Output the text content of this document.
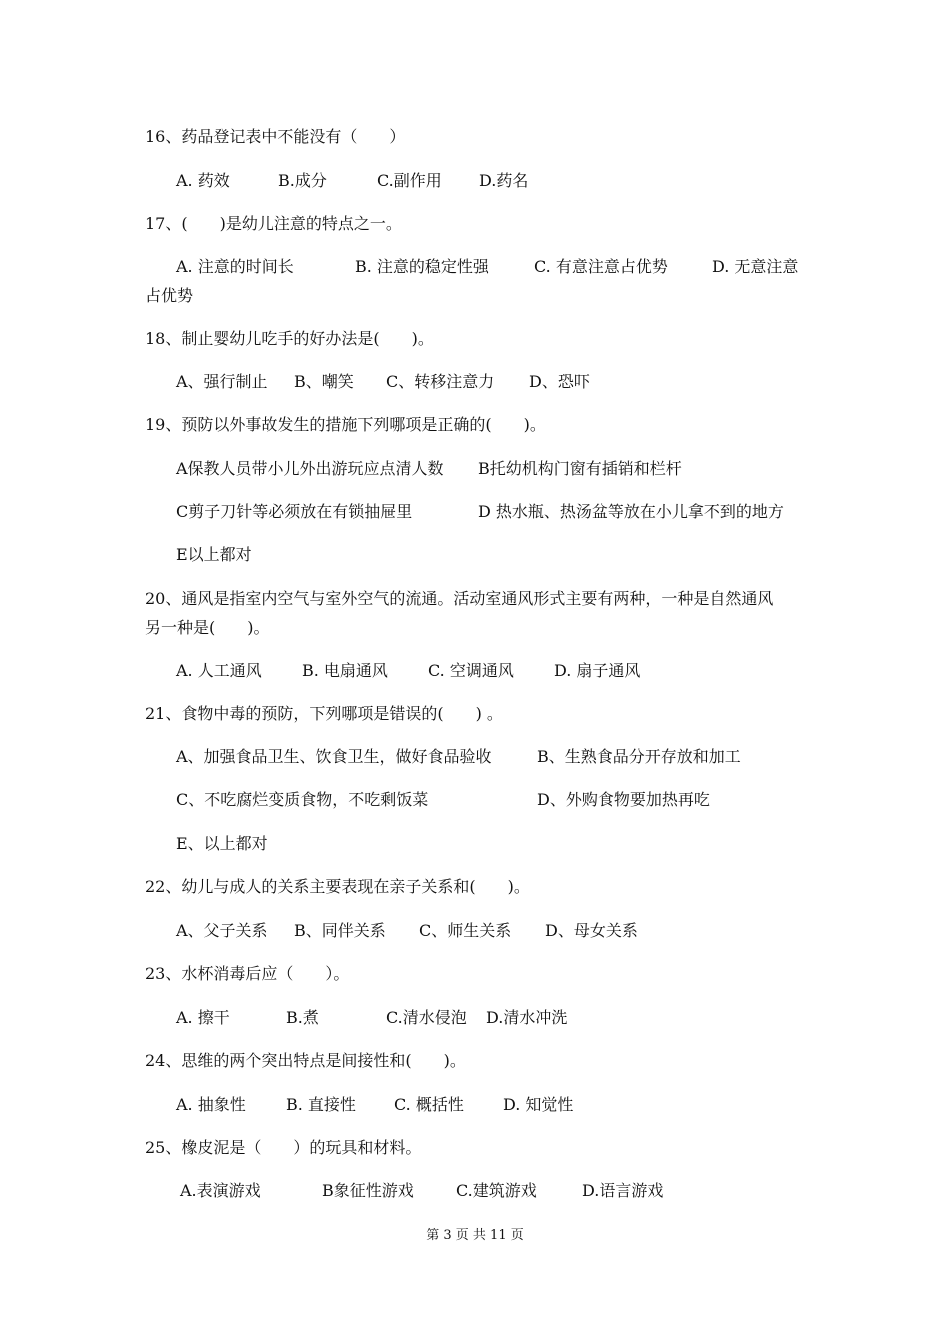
16、药品登记表中不能没有（　　）
A. 药效	B.成分	C.副作用 D.药名
17、(　　)是幼儿注意的特点之一。
A. 注意的时间长	B. 注意的稳定性强	C. 有意注意占优势	D. 无意注意
占优势
18、制止婴幼儿吃手的好办法是(　　)。
A、强行制止 B、嘲笑 C、转移注意力 D、恐吓
19、预防以外事故发生的措施下列哪项是正确的(　　)。
A保教人员带小儿外出游玩应点清人数 B托幼机构门窗有插销和栏杆
C剪子刀针等必须放在有锁抽屉里	D 热水瓶、热汤盆等放在小儿拿不到的地方
E以上都对
20、通风是指室内空气与室外空气的流通。活动室通风形式主要有两种，一种是自然通风
另一种是(　　)。
A. 人工通风	B. 电扇通风	C. 空调通风	D. 扇子通风
21、食物中毒的预防，下列哪项是错误的(　　) 。
A、加强食品卫生、饮食卫生，做好食品验收	B、生熟食品分开存放和加工
C、不吃腐烂变质食物，不吃剩饭菜	D、外购食物要加热再吃
E、以上都对
22、幼儿与成人的关系主要表现在亲子关系和(　　)。
A、父子关系 B、同伴关系 C、师生关系 D、母女关系
23、水杯消毒后应（　　）。
A. 擦干	B.煮	C.清水侵泡 D.清水冲洗
24、思维的两个突出特点是间接性和(　　)。
A. 抽象性	B. 直接性 C. 概括性 D. 知觉性
25、橡皮泥是（　　）的玩具和材料。
A.表演游戏	B象征性游戏	C.建筑游戏	D.语言游戏
第 3 页 共 11 页
